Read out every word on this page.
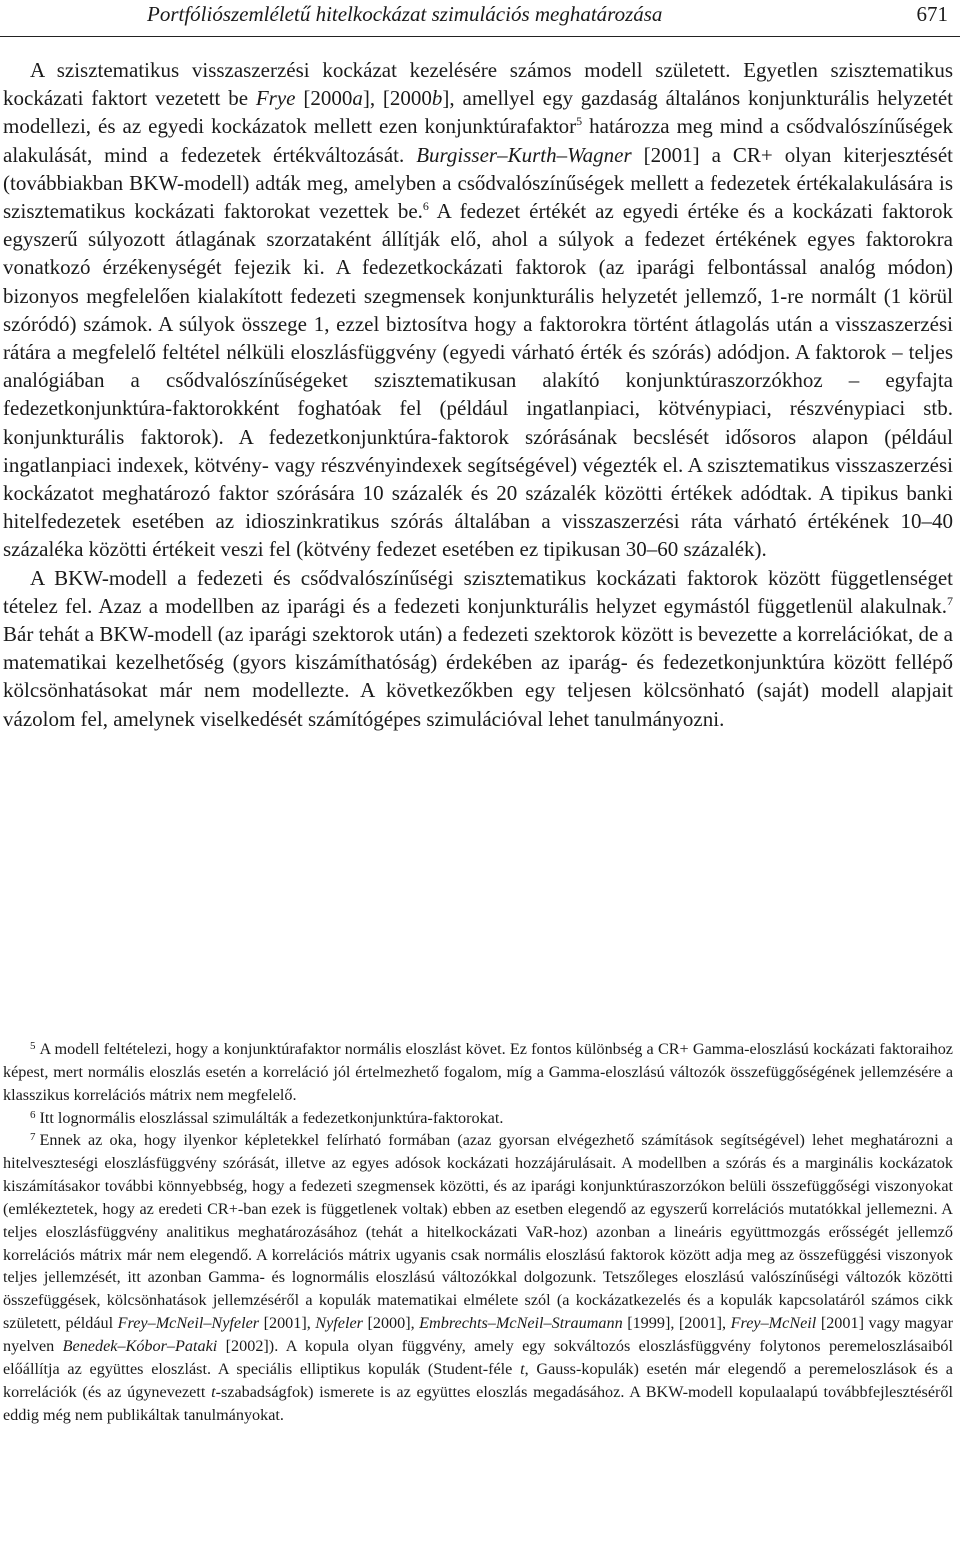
Portfóliószemléletű hitelkockázat szimulációs meghatározása	671

A szisztematikus visszaszerzési kockázat kezelésére számos modell született. Egyetlen szisztematikus kockázati faktort vezetett be Frye [2000a], [2000b], amellyel egy gazdaság általános konjunkturális helyzetét modellezi, és az egyedi kockázatok mellett ezen konjunktúrafaktor$^5$ határozza meg mind a csődvalószínűségek alakulását, mind a fedezetek értékváltozását. Burgisser–Kurth–Wagner [2001] a CR+ olyan kiterjesztését (továbbiakban BKW-modell) adták meg, amelyben a csődvalószínűségek mellett a fedezetek értékalakulására is szisztematikus kockázati faktorokat vezettek be.$^6$ A fedezet értékét az egyedi értéke és a kockázati faktorok egyszerű súlyozott átlagának szorzataként állítják elő, ahol a súlyok a fedezet értékének egyes faktorokra vonatkozó érzékenységét fejezik ki. A fedezetkockázati faktorok (az iparági felbontással analóg módon) bizonyos megfelelően kialakított fedezeti szegmensek konjunkturális helyzetét jellemző, 1-re normált (1 körül szóródó) számok. A súlyok összege 1, ezzel biztosítva hogy a faktorokra történt átlagolás után a visszaszerzési rátára a megfelelő feltétel nélküli eloszlásfüggvény (egyedi várható érték és szórás) adódjon. A faktorok – teljes analógiában a csődvalószínűségeket szisztematikusan alakító konjunktúraszorzókhoz – egyfajta fedezetkonjunktúra-faktorokként foghatóak fel (például ingatlanpiaci, kötvénypiaci, részvénypiaci stb. konjunkturális faktorok). A fedezetkonjunktúra-faktorok szórásának becslését idősoros alapon (például ingatlanpiaci indexek, kötvény- vagy részvényindexek segítségével) végezték el. A szisztematikus visszaszerzési kockázatot meghatározó faktor szórására 10 százalék és 20 százalék közötti értékek adódtak. A tipikus banki hitelfedezetek esetében az idioszinkratikus szórás általában a visszaszerzési ráta várható értékének 10–40 százaléka közötti értékeit veszi fel (kötvény fedezet esetében ez tipikusan 30–60 százalék).

A BKW-modell a fedezeti és csődvalószínűségi szisztematikus kockázati faktorok között függetlenséget tételez fel. Azaz a modellben az iparági és a fedezeti konjunkturális helyzet egymástól függetlenül alakulnak.$^7$ Bár tehát a BKW-modell (az iparági szektorok után) a fedezeti szektorok között is bevezette a korrelációkat, de a matematikai kezelhetőség (gyors kiszámíthatóság) érdekében az iparág- és fedezetkonjunktúra között fellépő kölcsönhatásokat már nem modellezte. A következőkben egy teljesen kölcsönható (saját) modell alapjait vázolom fel, amelynek viselkedését számítógépes szimulációval lehet tanulmányozni.

$^5$ A modell feltételezi, hogy a konjunktúrafaktor normális eloszlást követ. Ez fontos különbség a CR+ Gamma-eloszlású kockázati faktoraihoz képest, mert normális eloszlás esetén a korreláció jól értelmezhető fogalom, míg a Gamma-eloszlású változók összefüggőségének jellemzésére a klasszikus korrelációs mátrix nem megfelelő.

$^6$ Itt lognormális eloszlással szimulálták a fedezetkonjunktúra-faktorokat.

$^7$ Ennek az oka, hogy ilyenkor képletekkel felírható formában (azaz gyorsan elvégezhető számítások segítségével) lehet meghatározni a hitelveszteségi eloszlásfüggvény szórását, illetve az egyes adósok kockázati hozzájárulásait. A modellben a szórás és a marginális kockázatok kiszámításakor további könnyebbség, hogy a fedezeti szegmensek közötti, és az iparági konjunktúraszorzókon belüli összefüggőségi viszonyokat (emlékeztetek, hogy az eredeti CR+-ban ezek is függetlenek voltak) ebben az esetben elegendő az egyszerű korrelációs mutatókkal jellemezni. A teljes eloszlásfüggvény analitikus meghatározásához (tehát a hitelkockázati VaR-hoz) azonban a lineáris együttmozgás erősségét jellemző korrelációs mátrix már nem elegendő. A korrelációs mátrix ugyanis csak normális eloszlású faktorok között adja meg az összefüggési viszonyok teljes jellemzését, itt azonban Gamma- és lognormális eloszlású változókkal dolgozunk. Tetszőleges eloszlású valószínűségi változók közötti összefüggések, kölcsönhatások jellemzéséről a kopulák matematikai elmélete szól (a kockázatkezelés és a kopulák kapcsolatáról számos cikk született, például Frey–McNeil–Nyfeler [2001], Nyfeler [2000], Embrechts–McNeil–Straumann [1999], [2001], Frey–McNeil [2001] vagy magyar nyelven Benedek–Kóbor–Pataki [2002]). A kopula olyan függvény, amely egy sokváltozós eloszlásfüggvény folytonos peremeloszlásaiból előállítja az együttes eloszlást. A speciális elliptikus kopulák (Student-féle t, Gauss-kopulák) esetén már elegendő a peremeloszlások és a korrelációk (és az úgynevezett t-szabadságfok) ismerete is az együttes eloszlás megadásához. A BKW-modell kopulaalapú továbbfejlesztéséről eddig még nem publikáltak tanulmányokat.
